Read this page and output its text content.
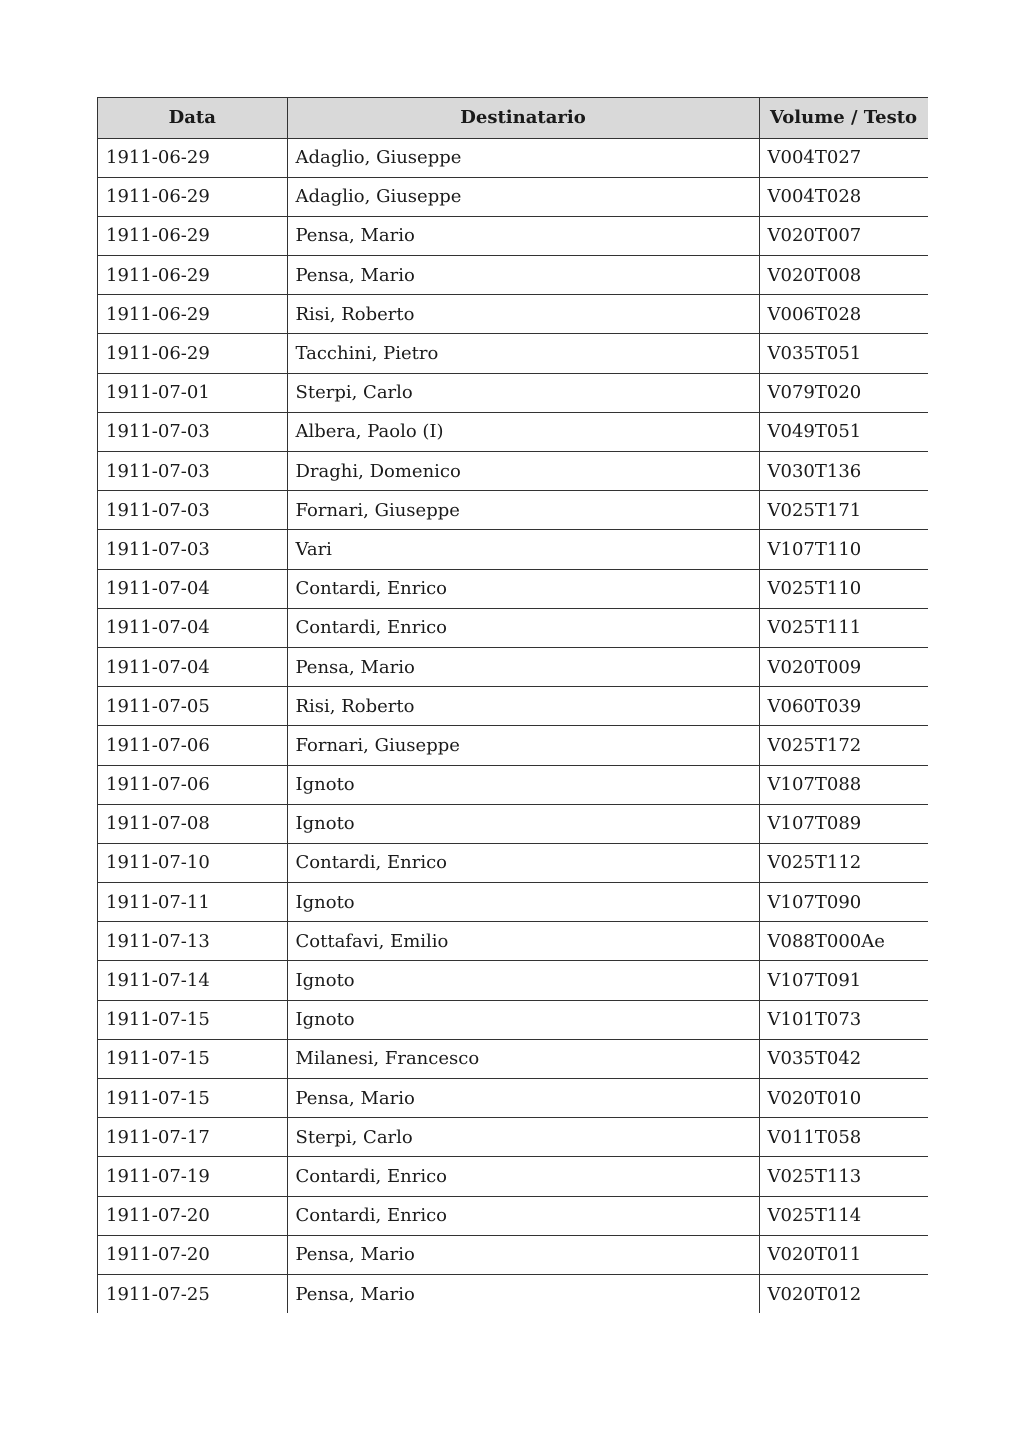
Data	Destinatario	Volume / Testo
1911-06-29	Adaglio, Giuseppe	V004T027
1911-06-29	Adaglio, Giuseppe	V004T028
1911-06-29	Pensa, Mario	V020T007
1911-06-29	Pensa, Mario	V020T008
1911-06-29	Risi, Roberto	V006T028
1911-06-29	Tacchini, Pietro	V035T051
1911-07-01	Sterpi, Carlo	V079T020
1911-07-03	Albera, Paolo (I)	V049T051
1911-07-03	Draghi, Domenico	V030T136
1911-07-03	Fornari, Giuseppe	V025T171
1911-07-03	Vari	V107T110
1911-07-04	Contardi, Enrico	V025T110
1911-07-04	Contardi, Enrico	V025T111
1911-07-04	Pensa, Mario	V020T009
1911-07-05	Risi, Roberto	V060T039
1911-07-06	Fornari, Giuseppe	V025T172
1911-07-06	Ignoto	V107T088
1911-07-08	Ignoto	V107T089
1911-07-10	Contardi, Enrico	V025T112
1911-07-11	Ignoto	V107T090
1911-07-13	Cottafavi, Emilio	V088T000Ae
1911-07-14	Ignoto	V107T091
1911-07-15	Ignoto	V101T073
1911-07-15	Milanesi, Francesco	V035T042
1911-07-15	Pensa, Mario	V020T010
1911-07-17	Sterpi, Carlo	V011T058
1911-07-19	Contardi, Enrico	V025T113
1911-07-20	Contardi, Enrico	V025T114
1911-07-20	Pensa, Mario	V020T011
1911-07-25	Pensa, Mario	V020T012
